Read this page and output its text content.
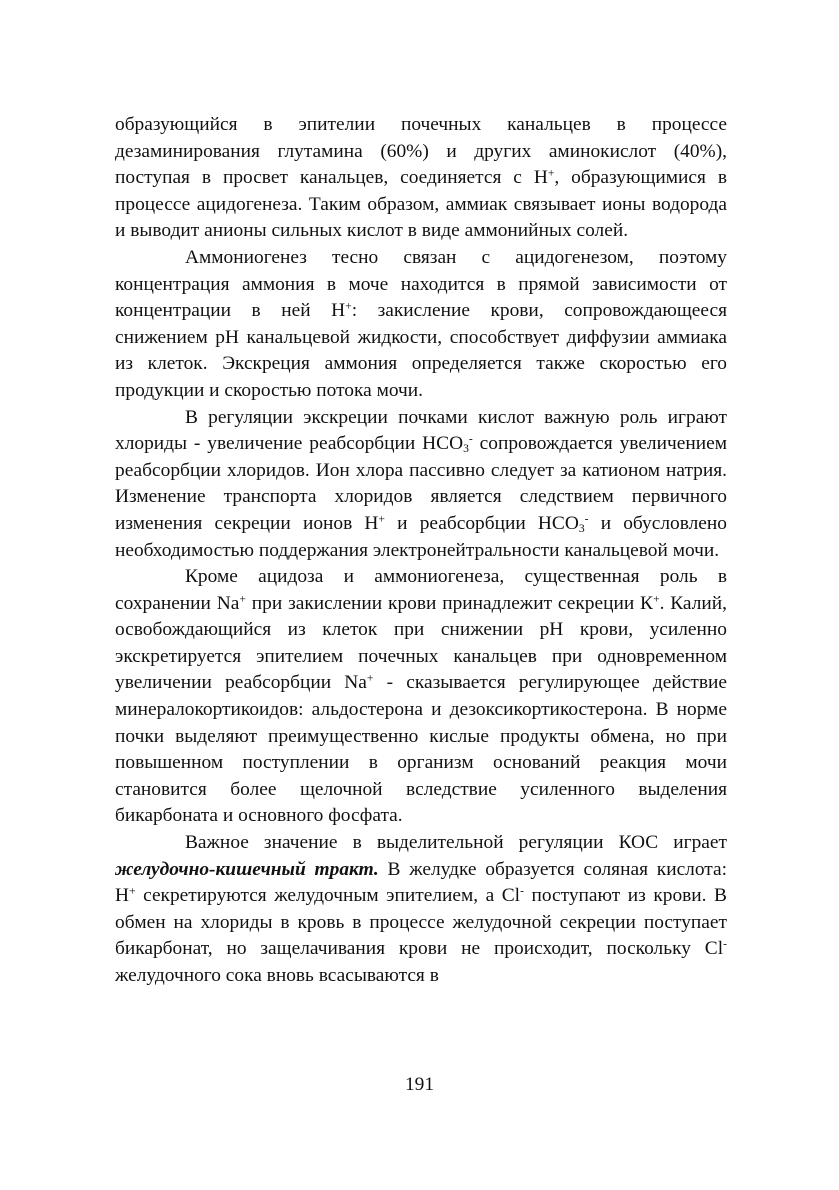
образующийся в эпителии почечных канальцев в процессе дезаминирования глутамина (60%) и других аминокислот (40%), поступая в просвет канальцев, соединяется с Н+, образующимися в процессе ацидогенеза. Таким образом, аммиак связывает ионы водорода и выводит анионы сильных кислот в виде аммонийных солей.

Аммониогенез тесно связан с ацидогенезом, поэтому концентрация аммония в моче находится в прямой зависимости от концентрации в ней Н+: закисление крови, сопровождающееся снижением рН канальцевой жидкости, способствует диффузии аммиака из клеток. Экскреция аммония определяется также скоростью его продукции и скоростью потока мочи.

В регуляции экскреции почками кислот важную роль играют хлориды - увеличение реабсорбции $НСО_3^-$ сопровождается увеличением реабсорбции хлоридов. Ион хлора пассивно следует за катионом натрия. Изменение транспорта хлоридов является следствием первичного изменения секреции ионов Н+ и реабсорбции $НСО_3^-$ и обусловлено необходимостью поддержания электронейтральности канальцевой мочи.

Кроме ацидоза и аммониогенеза, существенная роль в сохранении Na+ при закислении крови принадлежит секреции К+. Калий, освобождающийся из клеток при снижении рН крови, усиленно экскретируется эпителием почечных канальцев при одновременном увеличении реабсорбции Na+ - сказывается регулирующее действие минералокортикоидов: альдостерона и дезоксикортикостерона. В норме почки выделяют преимущественно кислые продукты обмена, но при повышенном поступлении в организм оснований реакция мочи становится более щелочной вследствие усиленного выделения бикарбоната и основного фосфата.

Важное значение в выделительной регуляции КОС играет желудочно-кишечный тракт. В желудке образуется соляная кислота: Н+ секретируются желудочным эпителием, а Cl- поступают из крови. В обмен на хлориды в кровь в процессе желудочной секреции поступает бикарбонат, но защелачивания крови не происходит, поскольку Cl- желудочного сока вновь всасываются в

191
